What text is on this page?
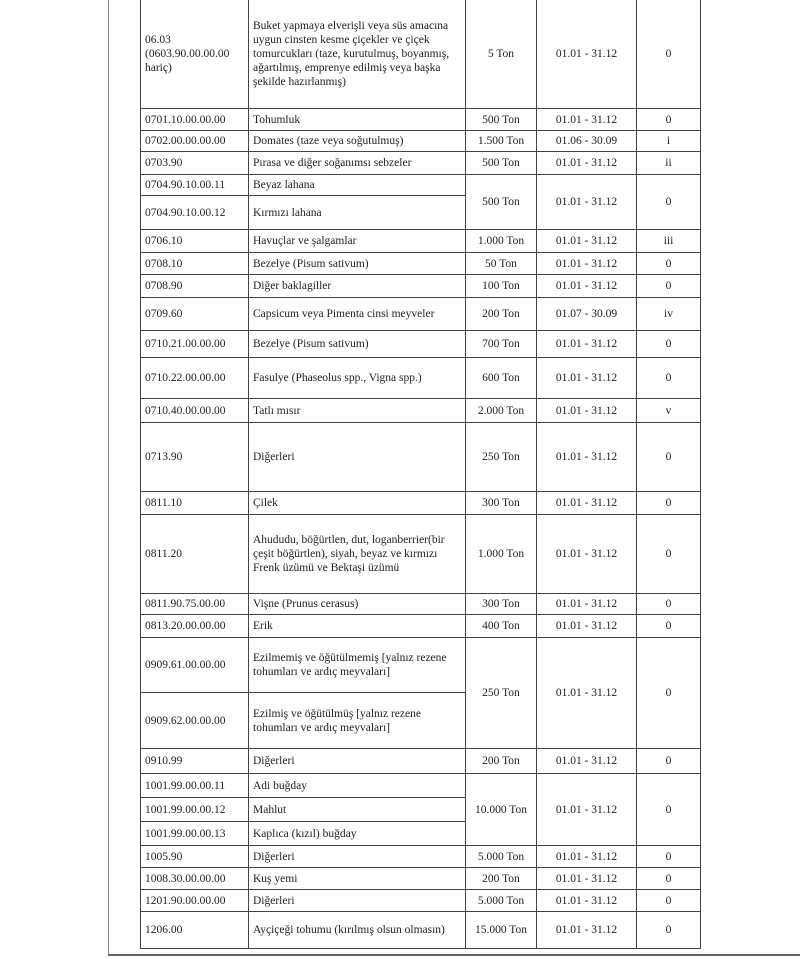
06.03 (0603.90.00.00.00 hariç)	Buket yapmaya elverişli veya süs amacına uygun cinsten kesme çiçekler ve çiçek tomurcukları (taze, kurutulmuş, boyanmış, ağartılmış, emprenye edilmiş veya başka şekilde hazırlanmış)	5 Ton	01.01 - 31.12	0
0701.10.00.00.00	Tohumluk	500 Ton	01.01 - 31.12	0
0702.00.00.00.00	Domates (taze veya soğutulmuş)	1.500 Ton	01.06 - 30.09	i
0703.90	Pırasa ve diğer soğanımsı sebzeler	500 Ton	01.01 - 31.12	ii
0704.90.10.00.11	Beyaz lahana	500 Ton	01.01 - 31.12	0
0704.90.10.00.12	Kırmızı lahana			
0706.10	Havuçlar ve şalgamlar	1.000 Ton	01.01 - 31.12	iii
0708.10	Bezelye (Pisum sativum)	50 Ton	01.01 - 31.12	0
0708.90	Diğer baklagiller	100 Ton	01.01 - 31.12	0
0709.60	Capsicum veya Pimenta cinsi meyveler	200 Ton	01.07 - 30.09	iv
0710.21.00.00.00	Bezelye (Pisum sativum)	700 Ton	01.01 - 31.12	0
0710.22.00.00.00	Fasulye (Phaseolus spp., Vigna spp.)	600 Ton	01.01 - 31.12	0
0710.40.00.00.00	Tatlı mısır	2.000 Ton	01.01 - 31.12	v
0713.90	Diğerleri	250 Ton	01.01 - 31.12	0
0811.10	Çilek	300 Ton	01.01 - 31.12	0
0811.20	Ahududu, böğürtlen, dut, loganberrier(bir çeşit böğürtlen), siyah, beyaz ve kırmızı Frenk üzümü ve Bektaşi üzümü	1.000 Ton	01.01 - 31.12	0
0811.90.75.00.00	Vişne (Prunus cerasus)	300 Ton	01.01 - 31.12	0
0813.20.00.00.00	Erik	400 Ton	01.01 - 31.12	0
0909.61.00.00.00	Ezilmemiş ve öğütülmemiş [yalnız rezene tohumları ve ardıç meyvaları]	250 Ton	01.01 - 31.12	0
0909.62.00.00.00	Ezilmiş ve öğütülmüş [yalnız rezene tohumları ve ardıç meyvaları]			
0910.99	Diğerleri	200 Ton	01.01 - 31.12	0
1001.99.00.00.11	Adi buğday	10.000 Ton	01.01 - 31.12	0
1001.99.00.00.12	Mahlut			
1001.99.00.00.13	Kaplıca (kızıl) buğday			
1005.90	Diğerleri	5.000 Ton	01.01 - 31.12	0
1008.30.00.00.00	Kuş yemi	200 Ton	01.01 - 31.12	0
1201.90.00.00.00	Diğerleri	5.000 Ton	01.01 - 31.12	0
1206.00	Ayçiçeği tohumu (kırılmış olsun olmasın)	15.000 Ton	01.01 - 31.12	0
